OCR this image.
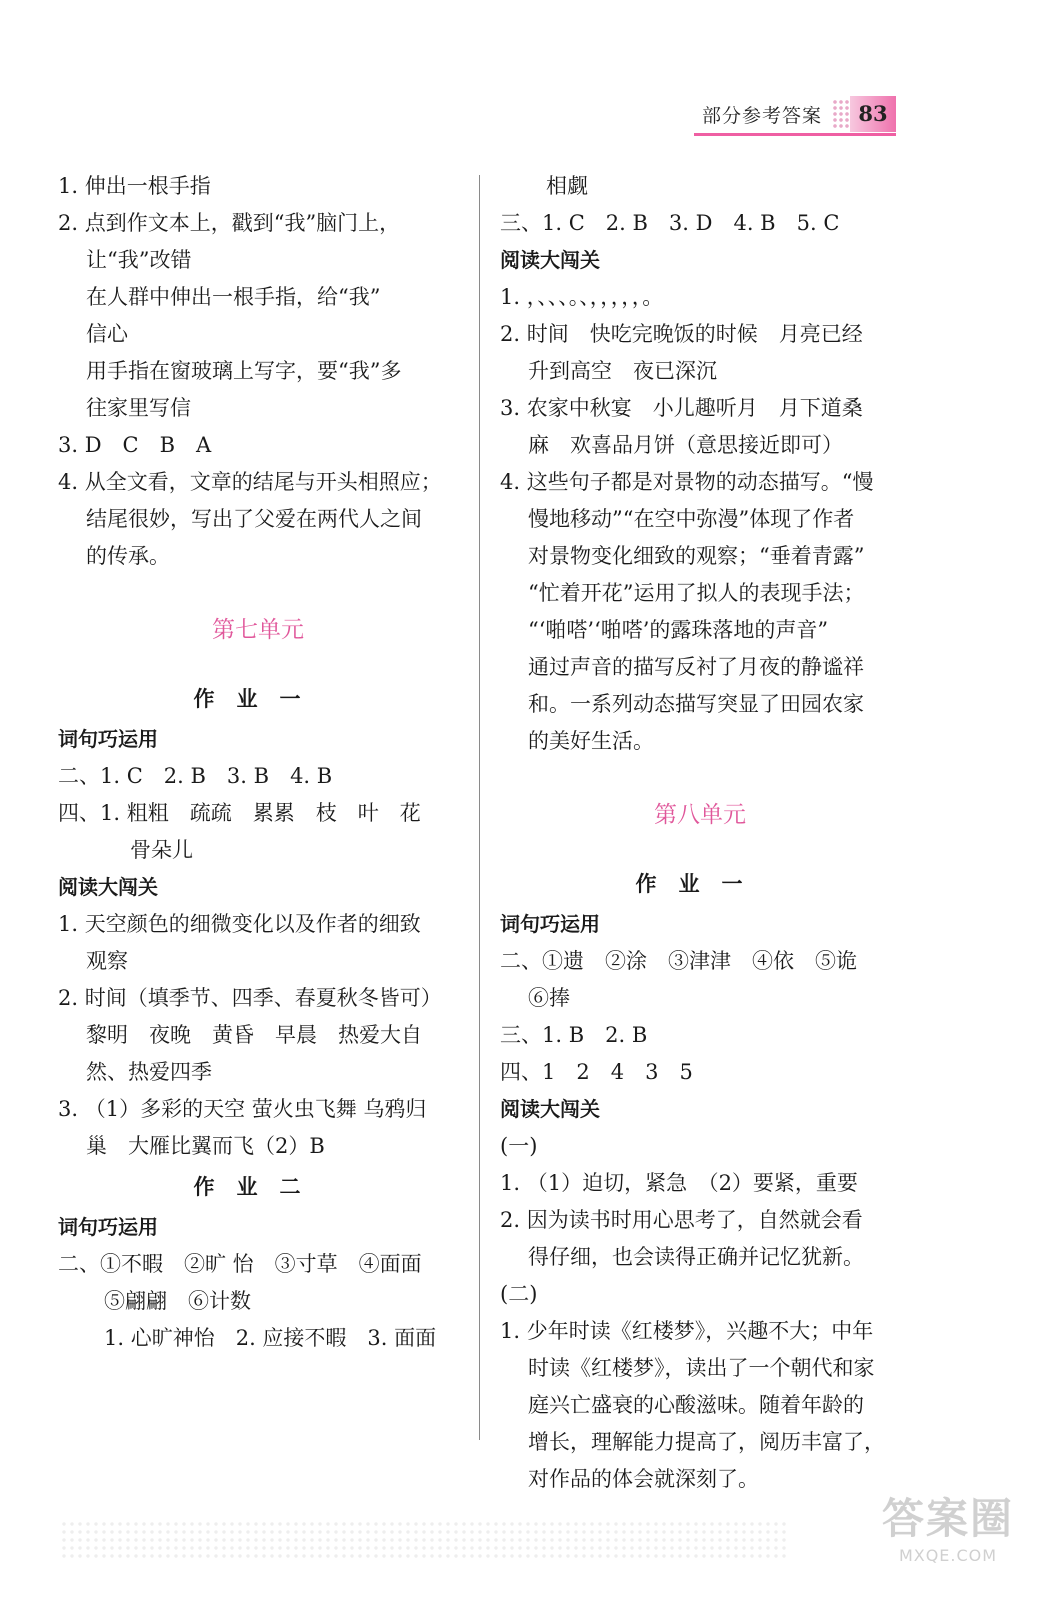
部分参考答案	83
1. 伸出一根手指
2. 点到作文本上，戳到“我”脑门上，
让“我”改错
在人群中伸出一根手指，给“我”
信心
用手指在窗玻璃上写字，要“我”多
往家里写信
3. D　C　B　A
4. 从全文看，文章的结尾与开头相照应；
结尾很妙，写出了父爱在两代人之间
的传承。
第七单元
作业一
词句巧运用
二、1. C　2. B　3. B　4. B
四、1. 粗粗　疏疏　累累　枝　叶　花
骨朵儿
阅读大闯关
1. 天空颜色的细微变化以及作者的细致
观察
2. 时间（填季节、四季、春夏秋冬皆可）
黎明　夜晚　黄昏　早晨　热爱大自
然、热爱四季
3. （1）多彩的天空 萤火虫飞舞 乌鸦归
巢　大雁比翼而飞（2）B
作业二
词句巧运用
二、①不暇　②旷 怡　③寸草　④面面
⑤翩翩　⑥计数
1. 心旷神怡　2. 应接不暇　3. 面面
相觑
三、1. C　2. B　3. D　4. B　5. C
阅读大闯关
1. ，、、、。、，，，，，。
2. 时间　快吃完晚饭的时候　月亮已经
升到高空　夜已深沉
3. 农家中秋宴　小儿趣听月　月下道桑
麻　欢喜品月饼（意思接近即可）
4. 这些句子都是对景物的动态描写。“慢
慢地移动”“在空中弥漫”体现了作者
对景物变化细致的观察；“垂着青露”
“忙着开花”运用了拟人的表现手法；
“‘啪嗒’‘啪嗒’的露珠落地的声音”
通过声音的描写反衬了月夜的静谧祥
和。一系列动态描写突显了田园农家
的美好生活。
第八单元
作业一
词句巧运用
二、①遗　②涂　③津津　④依　⑤诡
⑥捧
三、1. B　2. B
四、1　2　4　3　5
阅读大闯关
(一)
1. （1）迫切，紧急　（2）要紧，重要
2. 因为读书时用心思考了，自然就会看
得仔细，也会读得正确并记忆犹新。
(二)
1. 少年时读《红楼梦》，兴趣不大；中年
时读《红楼梦》，读出了一个朝代和家
庭兴亡盛衰的心酸滋味。随着年龄的
增长，理解能力提高了，阅历丰富了，
对作品的体会就深刻了。
答案圈
MXQE.COM
